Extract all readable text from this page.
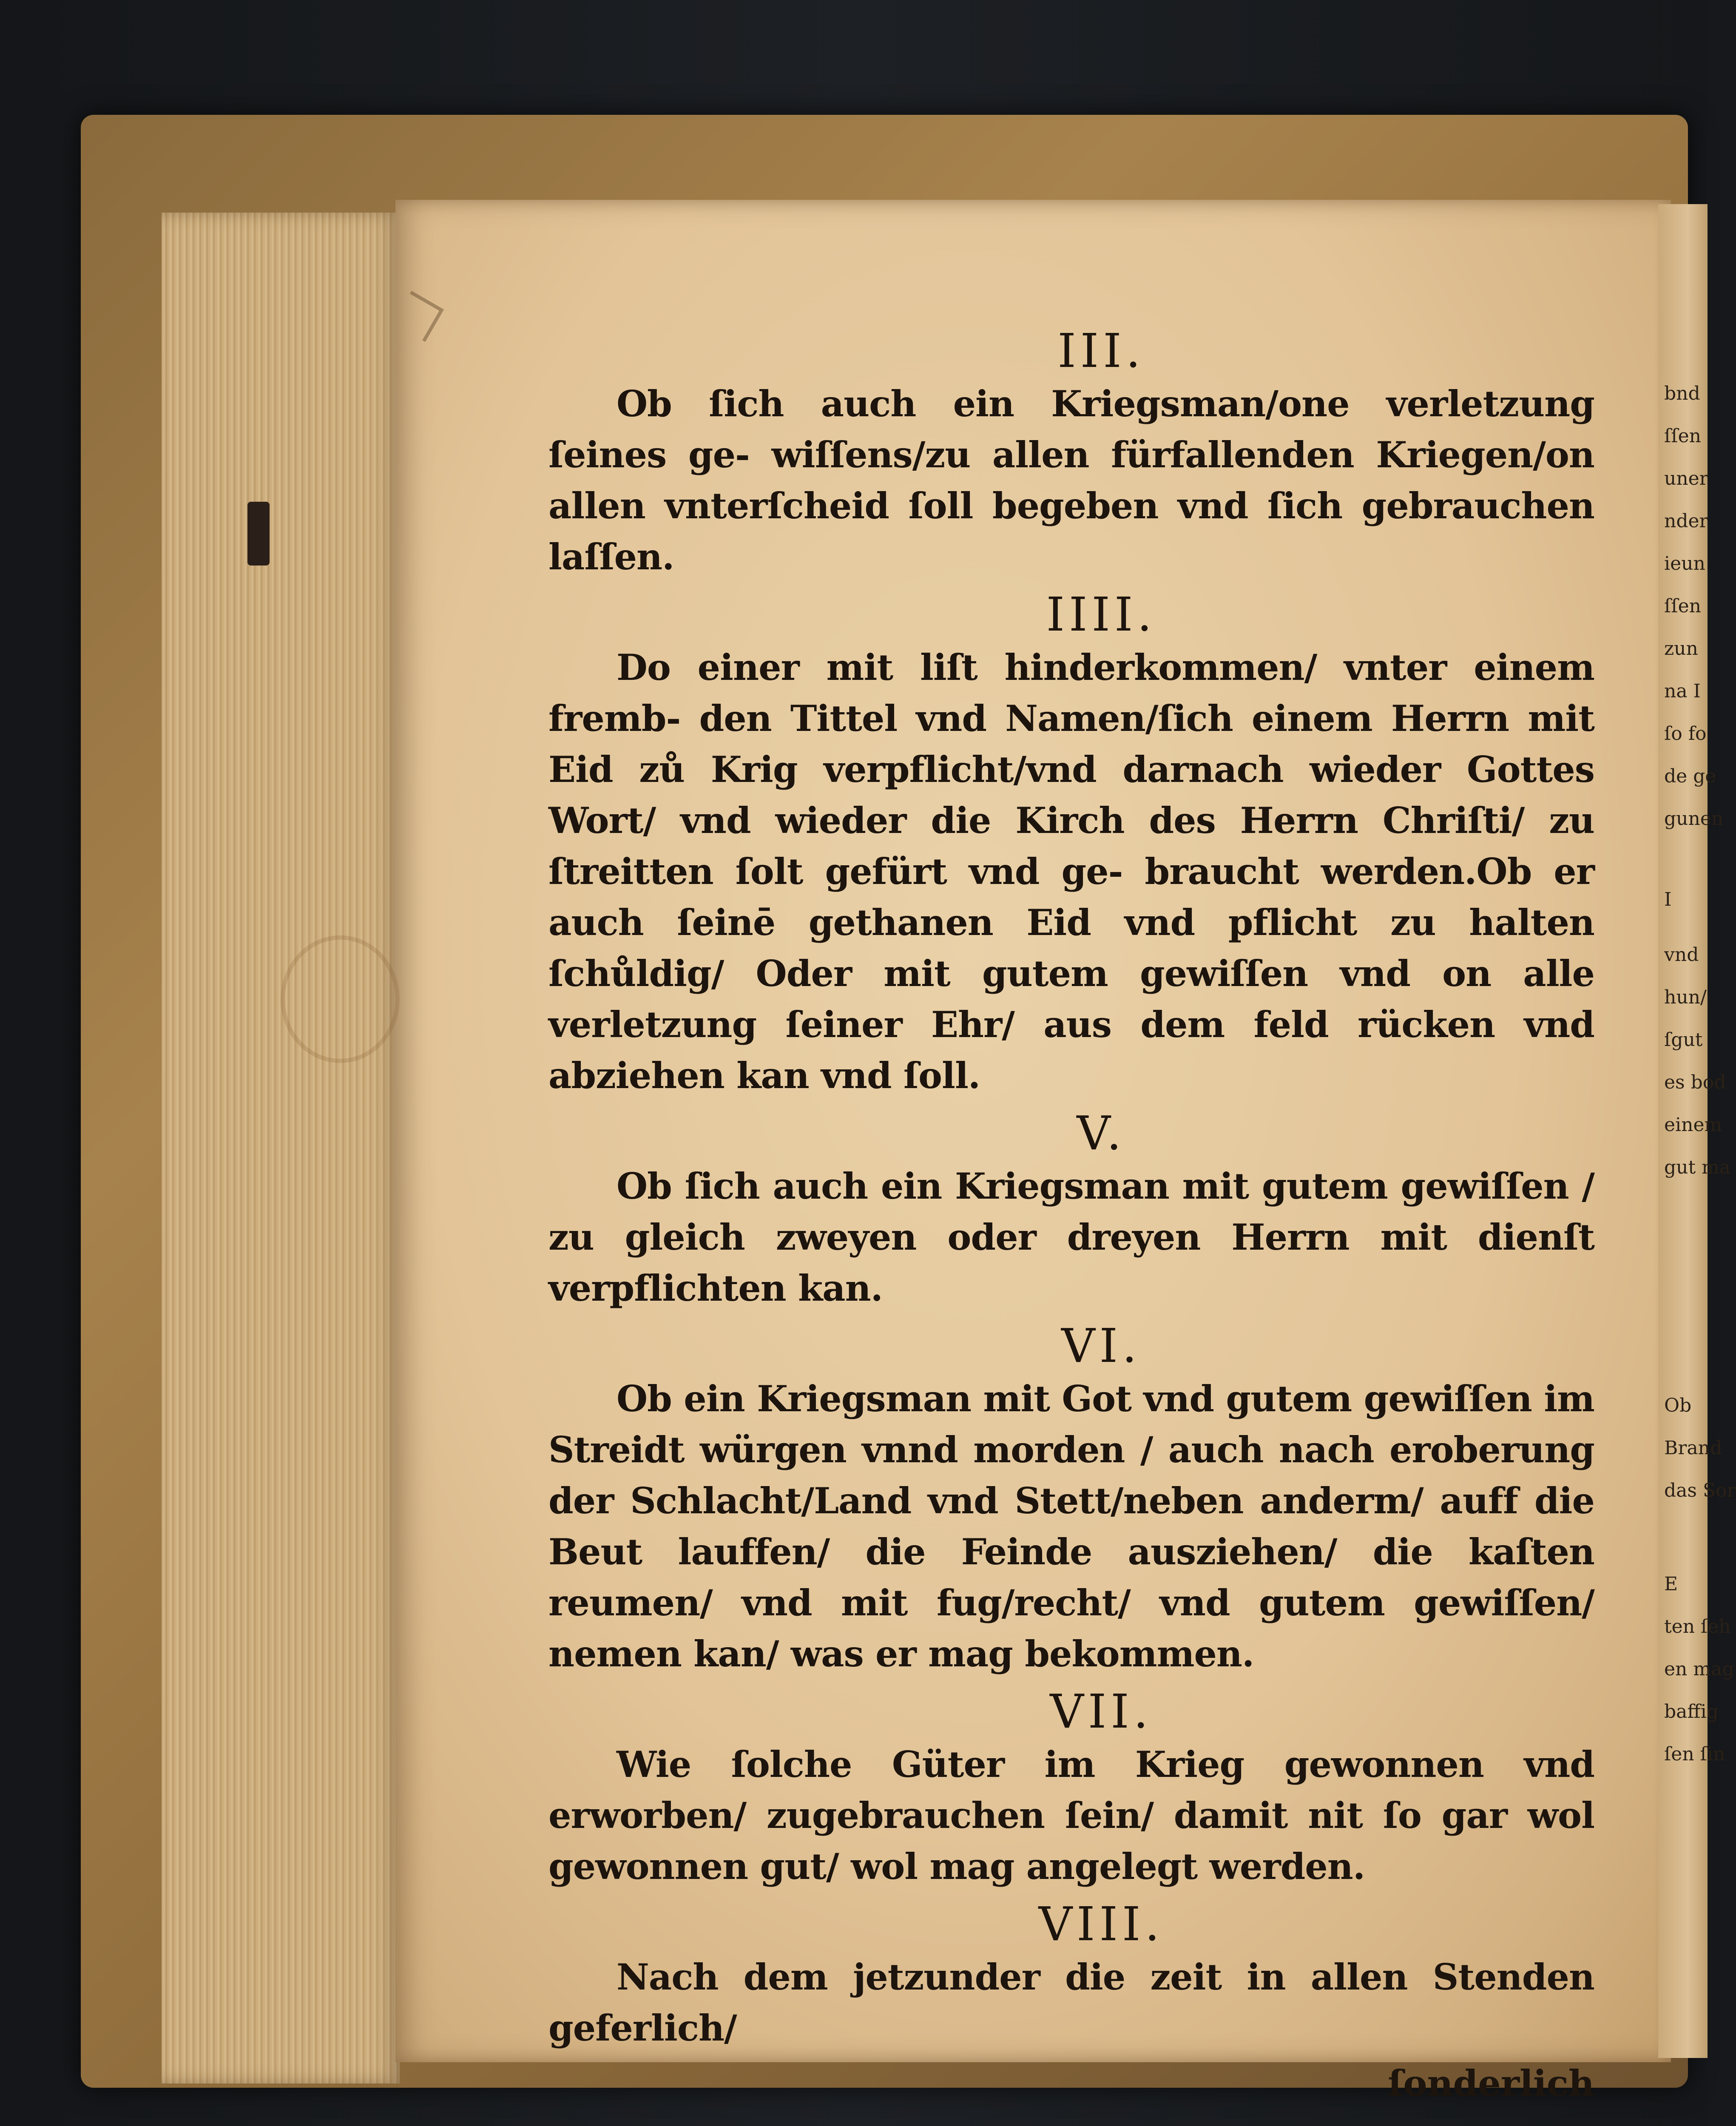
bnd
ſſen
uner
nder
ieun
ſſen
zun
na I
ſo fo
de ge
gunen
I
vnd
hun/
ſgut
es bod
einem
gut ma
Ob
Brand
das Sor
E
ten ſeh
en mag
baffig
ſen ſin
III.
Ob ſich auch ein Kriegsman/one verletzung ſeines ge- wiſſens/zu allen fürfallenden Kriegen/on allen vnterſcheid ſoll begeben vnd ſich gebrauchen laſſen.
IIII.
Do einer mit liſt hinderkommen/ vnter einem fremb- den Tittel vnd Namen/ſich einem Herrn mit Eid zů Krig verpflicht/vnd darnach wieder Gottes Wort/ vnd wieder die Kirch des Herrn Chriſti/ zu ſtreitten ſolt gefürt vnd ge- braucht werden.Ob er auch ſeinē gethanen Eid vnd pflicht zu halten ſchůldig/ Oder mit gutem gewiſſen vnd on alle verletzung ſeiner Ehr/ aus dem feld rücken vnd abziehen kan vnd ſoll.
V.
Ob ſich auch ein Kriegsman mit gutem gewiſſen / zu gleich zweyen oder dreyen Herrn mit dienſt verpflichten kan.
VI.
Ob ein Kriegsman mit Got vnd gutem gewiſſen im Streidt würgen vnnd morden / auch nach eroberung der Schlacht/Land vnd Stett/neben anderm/ auff die Beut lauffen/ die Feinde ausziehen/ die kaſten reumen/ vnd mit fug/recht/ vnd gutem gewiſſen/ nemen kan/ was er mag bekommen.
VII.
Wie ſolche Güter im Krieg gewonnen vnd erworben/ zugebrauchen ſein/ damit nit ſo gar wol gewonnen gut/ wol mag angelegt werden.
VIII.
Nach dem jetzunder die zeit in allen Stenden geferlich/
ſonderlich
